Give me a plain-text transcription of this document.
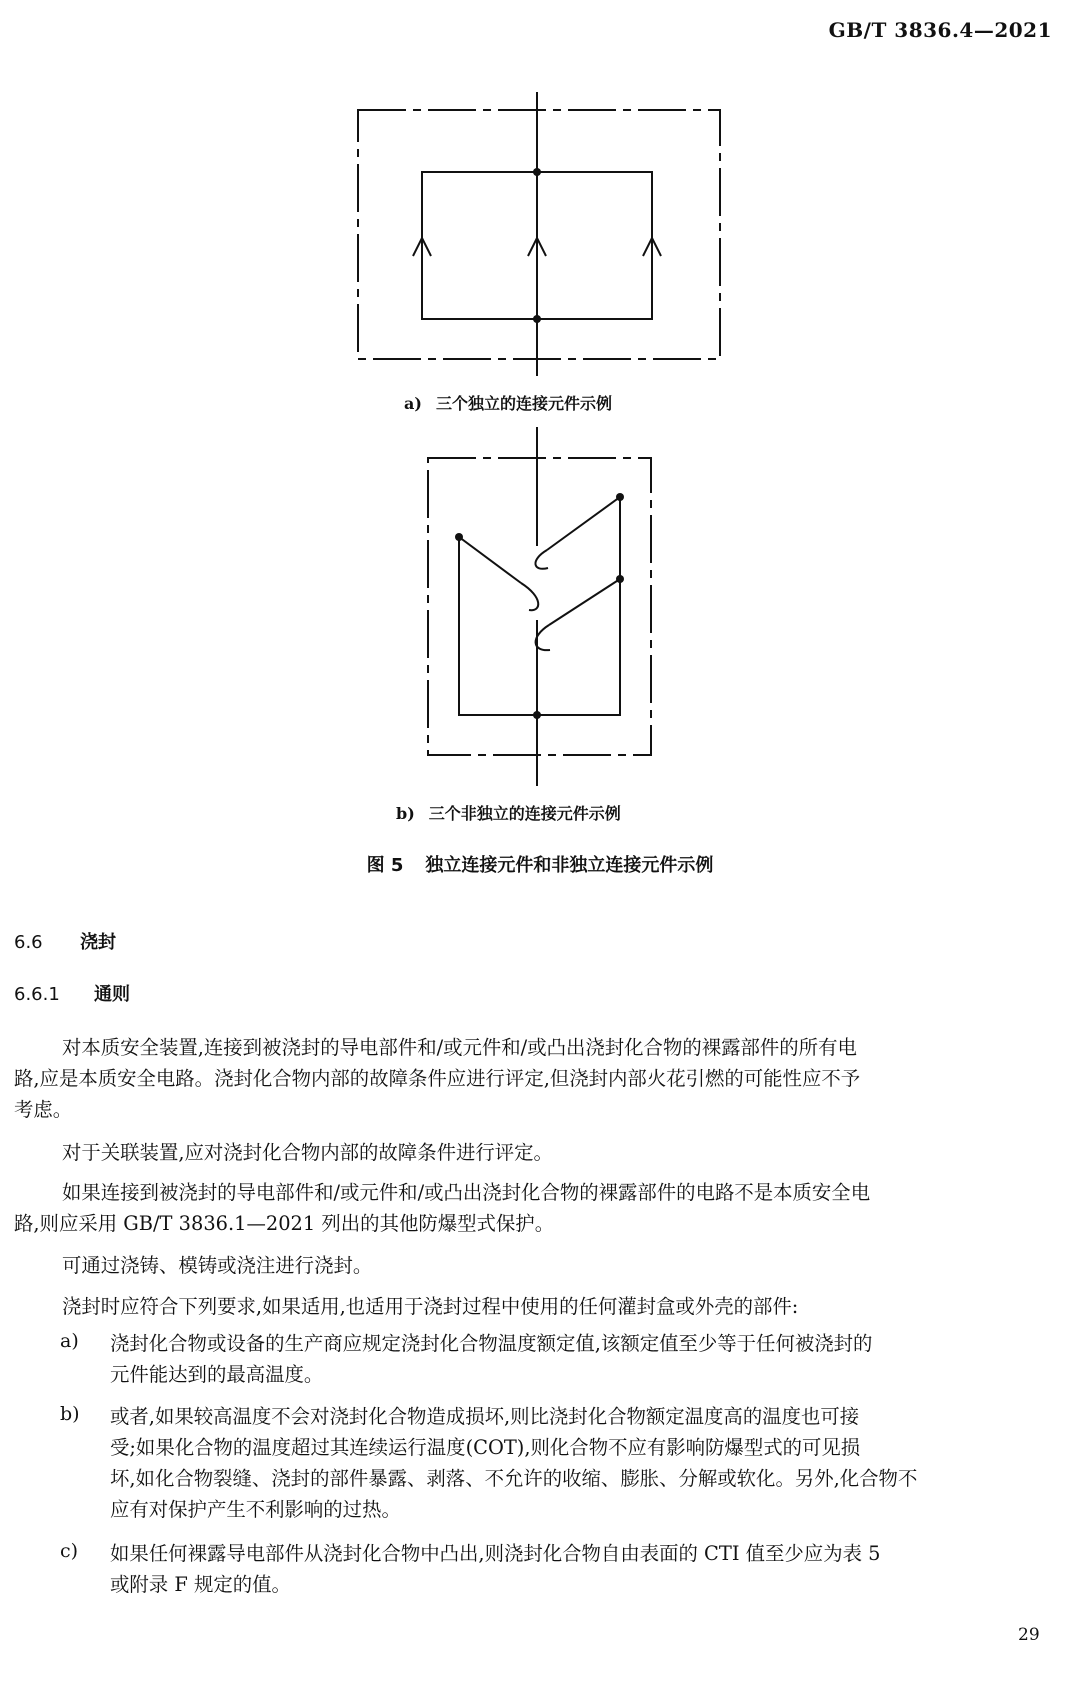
GB/T 3836.4—2021
a) 三个独立的连接元件示例
b) 三个非独立的连接元件示例
图 5 独立连接元件和非独立连接元件示例
6.6 浇封
6.6.1 通则
对本质安全装置,连接到被浇封的导电部件和/或元件和/或凸出浇封化合物的裸露部件的所有电
路,应是本质安全电路。浇封化合物内部的故障条件应进行评定,但浇封内部火花引燃的可能性应不予
考虑。
对于关联装置,应对浇封化合物内部的故障条件进行评定。
如果连接到被浇封的导电部件和/或元件和/或凸出浇封化合物的裸露部件的电路不是本质安全电
路,则应采用 GB/T 3836.1—2021 列出的其他防爆型式保护。
可通过浇铸、模铸或浇注进行浇封。
浇封时应符合下列要求,如果适用,也适用于浇封过程中使用的任何灌封盒或外壳的部件:
a) 浇封化合物或设备的生产商应规定浇封化合物温度额定值,该额定值至少等于任何被浇封的
元件能达到的最高温度。
b) 或者,如果较高温度不会对浇封化合物造成损坏,则比浇封化合物额定温度高的温度也可接
受;如果化合物的温度超过其连续运行温度(COT),则化合物不应有影响防爆型式的可见损
坏,如化合物裂缝、浇封的部件暴露、剥落、不允许的收缩、膨胀、分解或软化。另外,化合物不
应有对保护产生不利影响的过热。
c) 如果任何裸露导电部件从浇封化合物中凸出,则浇封化合物自由表面的 CTI 值至少应为表 5
或附录 F 规定的值。
29
